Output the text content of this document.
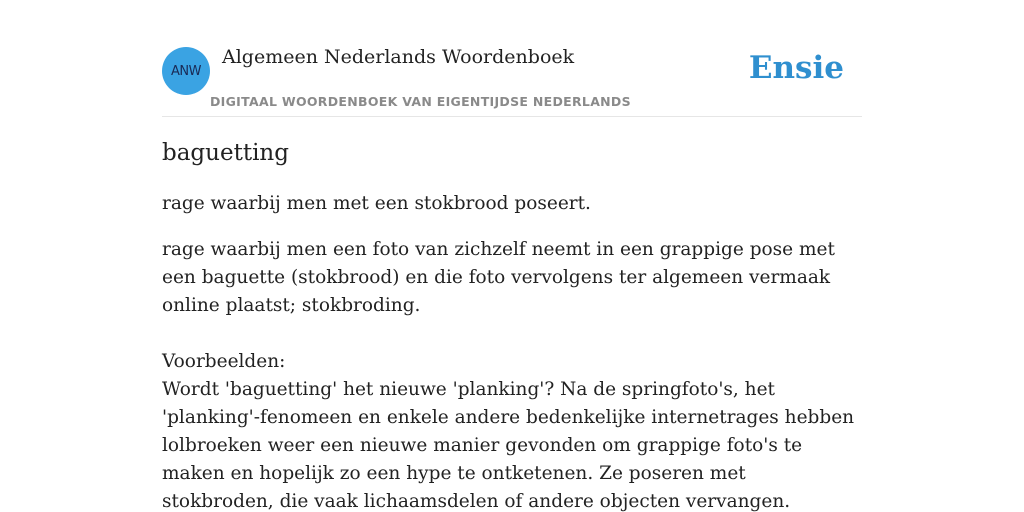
ANW
Algemeen Nederlands Woordenboek
DIGITAAL WOORDENBOEK VAN EIGENTIJDSE NEDERLANDS
Ensie
baguetting

rage waarbij men met een stokbrood poseert.

rage waarbij men een foto van zichzelf neemt in een grappige pose met een baguette (stokbrood) en die foto vervolgens ter algemeen vermaak online plaatst; stokbroding.

Voorbeelden:

Wordt 'baguetting' het nieuwe 'planking'? Na de springfoto's, het 'planking'-fenomeen en enkele andere bedenkelijke internetrages hebben lolbroeken weer een nieuwe manier gevonden om grappige foto's te maken en hopelijk zo een hype te ontketenen. Ze poseren met stokbroden, die vaak lichaamsdelen of andere objecten vervangen.
